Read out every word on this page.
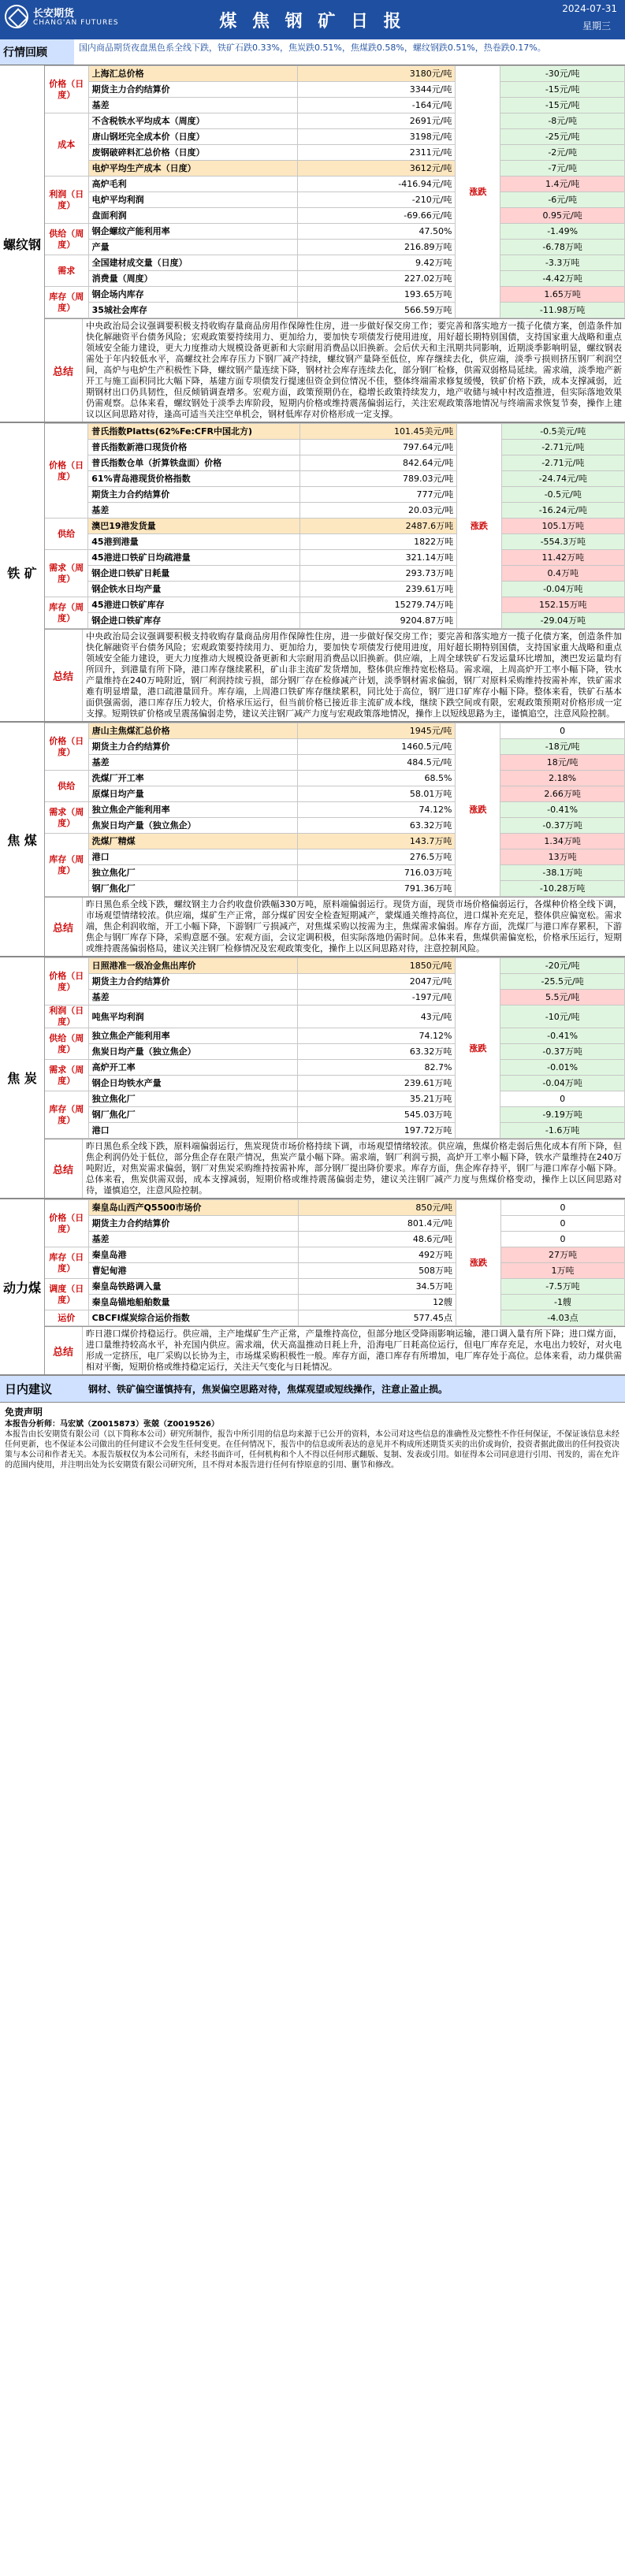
长安期货
CHANG'AN FUTURES	煤 焦 钢 矿 日 报
2024-07-31
星期三
行情回顾	国内商品期货夜盘黑色系全线下跌，铁矿石跌0.33%，焦炭跌0.51%，焦煤跌0.58%，螺纹钢跌0.51%，热卷跌0.17%。
螺纹钢
价格（日度）	上海汇总价格	3180元/吨	涨跌	-30元/吨
	期货主力合约结算价	3344元/吨		-15元/吨
	基差	-164元/吨		-15元/吨
成本	不含税铁水平均成本（周度）	2691元/吨		-8元/吨
	唐山钢坯完全成本价（日度）	3198元/吨		-25元/吨
	废钢破碎料汇总价格（日度）	2311元/吨		-2元/吨
	电炉平均生产成本（日度）	3612元/吨		-7元/吨
利润（日度）	高炉毛利	-416.94元/吨		1.4元/吨
	电炉平均利润	-210元/吨		-6元/吨
	盘面利润	-69.66元/吨		0.95元/吨
供给（周度）	钢企螺纹产能利用率	47.50%		-1.49%
	产量	216.89万吨		-6.78万吨
需求	全国建材成交量（日度）	9.42万吨		-3.3万吨
	消费量（周度）	227.02万吨		-4.42万吨
库存（周度）	钢企场内库存	193.65万吨		1.65万吨
	35城社会库存	566.59万吨		-11.98万吨
总结
中央政治局会议强调要积极支持收购存量商品房用作保障性住房，进一步做好保交房工作；要完善和落实地方一揽子化债方案，创造条件加快化解融资平台债务风险；宏观政策要持续用力、更加给力，要加快专项债发行使用进度，用好超长期特别国债，支持国家重大战略和重点领域安全能力建设，更大力度推动大规模设备更新和大宗耐用消费品以旧换新。会后伏天和主汛期共同影响，近期淡季影响明显，螺纹钢表需处于年内较低水平，高螺纹社会库存压力下钢厂减产持续，螺纹钢产量降至低位，库存继续去化，供应端，淡季亏损则挤压钢厂利润空间，高炉与电炉生产积极性下降，螺纹钢产量连续下降，钢材社会库存连续去化，部分钢厂检修，供需双弱格局延续。需求端，淡季地产新开工与施工面积同比大幅下降，基建方面专项债发行提速但资金到位情况不佳，整体终端需求修复缓慢，铁矿价格下跌，成本支撑减弱，近期钢材出口仍具韧性，但反倾销调查增多。宏观方面，政策预期仍在，稳增长政策持续发力，地产收储与城中村改造推进，但实际落地效果仍需观察。总体来看，螺纹钢处于淡季去库阶段，短期内价格或维持震荡偏弱运行，关注宏观政策落地情况与终端需求恢复节奏，操作上建议以区间思路对待，逢高可适当关注空单机会，钢材低库存对价格形成一定支撑。
铁 矿
价格（日度）	普氏指数Platts(62%Fe:CFR中国北方)	101.45美元/吨	涨跌	-0.5美元/吨
	普氏指数新港口现货价格	797.64元/吨		-2.71元/吨
	普氏指数仓单（折算铁盘面）价格	842.64元/吨		-2.71元/吨
	61%青岛港现货价格指数	789.03元/吨		-24.74元/吨
	期货主力合约结算价	777元/吨		-0.5元/吨
	基差	20.03元/吨		-16.24元/吨
供给	澳巴19港发货量	2487.6万吨		105.1万吨
	45港到港量	1822万吨		-554.3万吨
需求（周度）	45港进口铁矿日均疏港量	321.14万吨		11.42万吨
	钢企进口铁矿日耗量	293.73万吨		0.4万吨
	钢企铁水日均产量	239.61万吨		-0.04万吨
库存（周度）	45港进口铁矿库存	15279.74万吨		152.15万吨
	钢企进口铁矿库存	9204.87万吨		-29.04万吨
总结
中央政治局会议强调要积极支持收购存量商品房用作保障性住房，进一步做好保交房工作；要完善和落实地方一揽子化债方案，创造条件加快化解融资平台债务风险；宏观政策要持续用力、更加给力，要加快专项债发行使用进度，用好超长期特别国债，支持国家重大战略和重点领域安全能力建设，更大力度推动大规模设备更新和大宗耐用消费品以旧换新。供应端，上周全球铁矿石发运量环比增加，澳巴发运量均有所回升，到港量有所下降，港口库存继续累积，矿山非主流矿发货增加，整体供应维持宽松格局。需求端，上周高炉开工率小幅下降，铁水产量维持在240万吨附近，钢厂利润持续亏损，部分钢厂存在检修减产计划，淡季钢材需求偏弱，钢厂对原料采购维持按需补库，铁矿需求难有明显增量，港口疏港量回升。库存端，上周港口铁矿库存继续累积，同比处于高位，钢厂进口矿库存小幅下降。整体来看，铁矿石基本面供强需弱，港口库存压力较大，价格承压运行，但当前价格已接近非主流矿成本线，继续下跌空间或有限，宏观政策预期对价格形成一定支撑。短期铁矿价格或呈震荡偏弱走势，建议关注钢厂减产力度与宏观政策落地情况，操作上以短线思路为主，谨慎追空，注意风险控制。
焦 煤
价格（日度）	唐山主焦煤汇总价格	1945元/吨	涨跌	0
	期货主力合约结算价	1460.5元/吨		-18元/吨
	基差	484.5元/吨		18元/吨
供给	洗煤厂开工率	68.5%		2.18%
	原煤日均产量	58.01万吨		2.66万吨
需求（周度）	独立焦企产能利用率	74.12%		-0.41%
	焦炭日均产量（独立焦企）	63.32万吨		-0.37万吨
库存（周度）	洗煤厂精煤	143.7万吨		1.34万吨
	港口	276.5万吨		13万吨
	独立焦化厂	716.03万吨		-38.1万吨
	钢厂焦化厂	791.36万吨		-10.28万吨
总结
昨日黑色系全线下跌，螺纹钢主力合约收盘价跌幅330万吨，原料端偏弱运行。现货方面，现货市场价格偏弱运行，各煤种价格全线下调，市场观望情绪较浓。供应端，煤矿生产正常，部分煤矿因安全检查短期减产，蒙煤通关维持高位，进口煤补充充足，整体供应偏宽松。需求端，焦企利润收缩，开工小幅下降，下游钢厂亏损减产，对焦煤采购以按需为主，焦煤需求偏弱。库存方面，洗煤厂与港口库存累积，下游焦企与钢厂库存下降，采购意愿不强。宏观方面，会议定调积极，但实际落地仍需时间。总体来看，焦煤供需偏宽松，价格承压运行，短期或维持震荡偏弱格局，建议关注钢厂检修情况及宏观政策变化，操作上以区间思路对待，注意控制风险。
焦 炭
价格（日度）	日照港准一级冶金焦出库价	1850元/吨	涨跌	-20元/吨
	期货主力合约结算价	2047元/吨		-25.5元/吨
	基差	-197元/吨		5.5元/吨
利润（日度）	吨焦平均利润	43元/吨		-10元/吨
供给（周度）	独立焦企产能利用率	74.12%		-0.41%
	焦炭日均产量（独立焦企）	63.32万吨		-0.37万吨
需求（周度）	高炉开工率	82.7%		-0.01%
	钢企日均铁水产量	239.61万吨		-0.04万吨
库存（周度）	独立焦化厂	35.21万吨		0
	钢厂焦化厂	545.03万吨		-9.19万吨
	港口	197.72万吨		-1.6万吨
总结
昨日黑色系全线下跌，原料端偏弱运行，焦炭现货市场价格持续下调，市场观望情绪较浓。供应端，焦煤价格走弱后焦化成本有所下降，但焦企利润仍处于低位，部分焦企存在限产情况，焦炭产量小幅下降。需求端，钢厂利润亏损，高炉开工率小幅下降，铁水产量维持在240万吨附近，对焦炭需求偏弱，钢厂对焦炭采购维持按需补库，部分钢厂提出降价要求。库存方面，焦企库存持平，钢厂与港口库存小幅下降。总体来看，焦炭供需双弱，成本支撑减弱，短期价格或维持震荡偏弱走势，建议关注钢厂减产力度与焦煤价格变动，操作上以区间思路对待，谨慎追空，注意风险控制。
动力煤
价格（日度）	秦皇岛山西产Q5500市场价	850元/吨	涨跌	0
	期货主力合约结算价	801.4元/吨		0
	基差	48.6元/吨		0
库存（日度）	秦皇岛港	492万吨		27万吨
	曹妃甸港	508万吨		1万吨
调度（日度）	秦皇岛铁路调入量	34.5万吨		-7.5万吨
	秦皇岛锚地船舶数量	12艘		-1艘
运价	CBCFI煤炭综合运价指数	577.45点		-4.03点
总结
昨日港口煤价持稳运行。供应端，主产地煤矿生产正常，产量维持高位，但部分地区受降雨影响运输，港口调入量有所下降；进口煤方面，进口量维持较高水平，补充国内供应。需求端，伏天高温推动日耗上升，沿海电厂日耗高位运行，但电厂库存充足，水电出力较好，对火电形成一定挤压，电厂采购以长协为主，市场煤采购积极性一般。库存方面，港口库存有所增加，电厂库存处于高位。总体来看，动力煤供需相对平衡，短期价格或维持稳定运行，关注天气变化与日耗情况。
日内建议	钢材、铁矿偏空谨慎持有，焦炭偏空思路对待，焦煤观望或短线操作，注意止盈止损。
免责声明
本报告分析师：马宏斌（Z0015873）张兢（Z0019526）
本报告由长安期货有限公司（以下简称本公司）研究所制作，报告中所引用的信息均来源于已公开的资料，本公司对这些信息的准确性及完整性不作任何保证，不保证该信息未经任何更新，也不保证本公司做出的任何建议不会发生任何变更。在任何情况下，报告中的信息或所表达的意见并不构成所述期货买卖的出价或询价，投资者据此做出的任何投资决策与本公司和作者无关。本报告版权仅为本公司所有，未经书面许可，任何机构和个人不得以任何形式翻版、复制、发表或引用。如征得本公司同意进行引用、刊发的，需在允许的范围内使用，并注明出处为长安期货有限公司研究所，且不得对本报告进行任何有悖原意的引用、删节和修改。
